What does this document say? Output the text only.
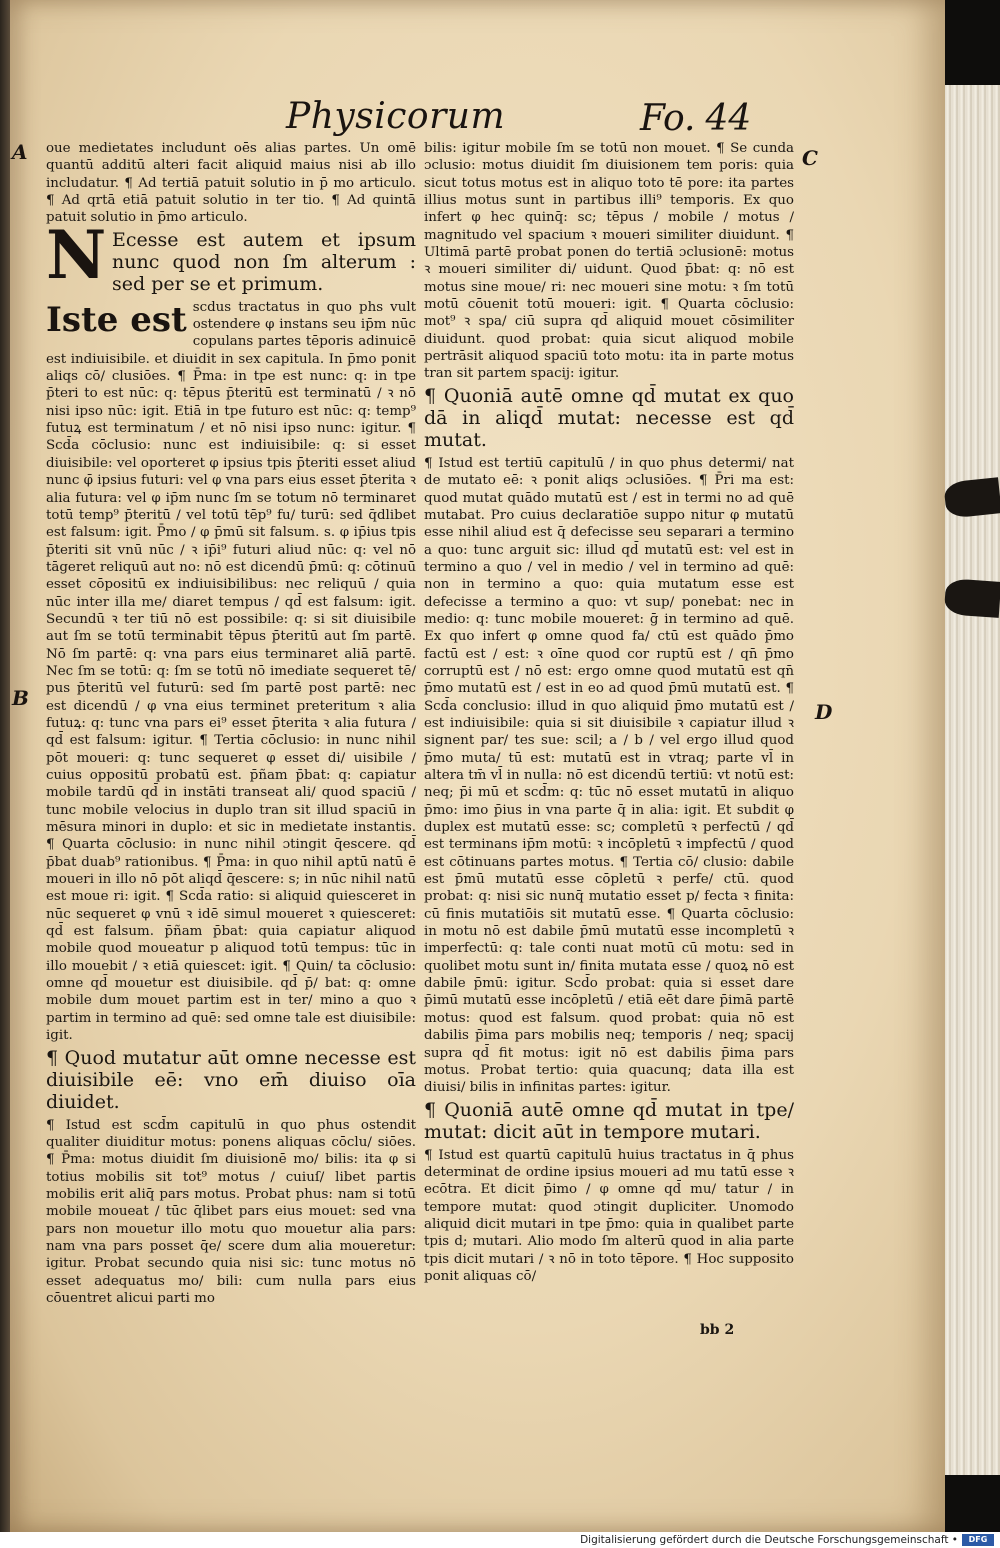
Physicorum	Fo. 44
A
B
C
D

oue medietates includunt oēs alias partes. Un omē quantū additū alteri facit aliquid maius nisi ab illo includatur. ¶ Ad tertiā patuit solutio in p̄ mo articulo. ¶ Ad qrtā etiā patuit solutio in ter tio. ¶ Ad quintā patuit solutio in p̄mo articulo.

N Ecesse est autem et ipsum nunc quod non ſm alterum : sed per se et primum.

Iste est scd̄us tractatus in quo phs vult ostendere φ instans seu ip̄m nūc copulans partes tēporis adinuicē est indiuisibile. et diuidit in sex capitula. In p̄mo ponit aliqs cō/ clusiōes. ¶ P̄ma: in tpe est nunc: q: in tpe p̄teri to est nūc: q: tēpus p̄teritū est terminatū / ꝛ nō nisi ipso nūc: igit. Etiā in tpe futuro est nūc: q: temp⁹ futuꝝ est terminatum / et nō nisi ipso nunc: igitur. ¶ Scd̄a cōclusio: nunc est indiuisibile: q: si esset diuisibile: vel oporteret φ ipsius tpis p̄teriti esset aliud nunc φ̄ ipsius futuri: vel φ vna pars eius esset p̄terita ꝛ alia futura: vel φ ip̄m nunc ſm se totum nō terminaret totū temp⁹ p̄teritū / vel totū tēp⁹ fu/ turū: sed q̄dlibet est falsum: igit. P̄mo / φ p̄mū sit falsum. s. φ ip̄ius tpis p̄teriti sit vnū nūc / ꝛ ip̄i⁹ futuri aliud nūc: q: vel nō tāgeret reliquū aut no: nō est dicendū p̄mū: q: cōtinuū esset cōpositū ex indiuisibilibus: nec reliquū / quia nūc inter illa me/ diaret tempus / qd̄ est falsum: igit. Secundū ꝛ ter tiū nō est possibile: q: si sit diuisibile aut ſm se totū terminabit tēpus p̄teritū aut ſm partē. Nō ſm partē: q: vna pars eius terminaret aliā partē. Nec ſm se totū: q: ſm se totū nō imediate sequeret tē/ pus p̄teritū vel futurū: sed ſm partē post partē: nec est dicendū / φ vna eius terminet preteritum ꝛ alia futuꝝ: q: tunc vna pars ei⁹ esset p̄terita ꝛ alia futura / qd̄ est falsum: igitur. ¶ Tertia cōclusio: in nunc nihil pōt moueri: q: tunc sequeret φ esset di/ uisibile / cuius oppositū probatū est. p̄ñam p̄bat: q: capiatur mobile tardū qd̄ in instāti transeat ali/ quod spaciū / tunc mobile velocius in duplo tran sit illud spaciū in mēsura minori in duplo: et sic in medietate instantis. ¶ Quarta cōclusio: in nunc nihil ɔtingit q̄escere. qd̄ p̄bat duab⁹ rationibus. ¶ P̄ma: in quo nihil aptū natū ē moueri in illo nō pōt aliqd̄ q̄escere: s; in nūc nihil natū est moue ri: igit. ¶ Scd̄a ratio: si aliquid quiesceret in nūc sequeret φ vnū ꝛ idē simul moueret ꝛ quiesceret: qd̄ est falsum. p̄ñam p̄bat: quia capiatur aliquod mobile quod moueatur p aliquod totū tempus: tūc in illo mouebit / ꝛ etiā quiescet: igit. ¶ Quin/ ta cōclusio: omne qd̄ mouetur est diuisibile. qd̄ p̄/ bat: q: omne mobile dum mouet partim est in ter/ mino a quo ꝛ partim in termino ad quē: sed omne tale est diuisibile: igit.

¶ Quod mutatur aūt omne necesse est diuisibile eē: vno em̄ diuiso oīa diuidet.

¶ Istud est scd̄m capitulū in quo phus ostendit qualiter diuiditur motus: ponens aliquas cōclu/ siōes. ¶ P̄ma: motus diuidit ſm diuisionē mo/ bilis: ita φ si totius mobilis sit tot⁹ motus / cuiuſ/ libet partis mobilis erit aliq̄ pars motus. Probat phus: nam si totū mobile moueat / tūc q̄libet pars eius mouet: sed vna pars non mouetur illo motu quo mouetur alia pars: nam vna pars posset q̄e/ scere dum alia moueretur: igitur. Probat secundo quia nisi sic: tunc motus nō esset adequatus mo/ bili: cum nulla pars eius cōuentret alicui parti mo

bilis: igitur mobile ſm se totū non mouet. ¶ Se cunda ɔclusio: motus diuidit ſm diuisionem tem poris: quia sicut totus motus est in aliquo toto tē pore: ita partes illius motus sunt in partibus illi⁹ temporis. Ex quo infert φ hec quinq̄: sc; tēpus / mobile / motus / magnitudo vel spacium ꝛ moueri similiter diuidunt. ¶ Ultimā partē probat ponen do tertiā ɔclusionē: motus ꝛ moueri similiter di/ uidunt. Quod p̄bat: q: nō est motus sine moue/ ri: nec moueri sine motu: ꝛ ſm totū motū cōuenit totū moueri: igit. ¶ Quarta cōclusio: mot⁹ ꝛ spa/ ciū supra qd̄ aliquid mouet cōsimiliter diuidunt. quod probat: quia sicut aliquod mobile pertrāsit aliquod spaciū toto motu: ita in parte motus tran sit partem spacij: igitur.

¶ Quoniā autē omne qd̄ mutat ex quo dā in aliqd̄ mutat: necesse est qd̄ mutat.

¶ Istud est tertiū capitulū / in quo phus determi/ nat de mutato eē: ꝛ ponit aliqs ɔclusiōes. ¶ P̄ri ma est: quod mutat quādo mutatū est / est in termi no ad quē mutabat. Pro cuius declaratiōe suppo nitur φ mutatū esse nihil aliud est q̄ defecisse seu separari a termino a quo: tunc arguit sic: illud qd̄ mutatū est: vel est in termino a quo / vel in medio / vel in termino ad quē: non in termino a quo: quia mutatum esse est defecisse a termino a quo: vt sup/ ponebat: nec in medio: q: tunc mobile moueret: ḡ in termino ad quē. Ex quo infert φ omne quod fa/ ctū est quādo p̄mo factū est / est: ꝛ oīne quod cor ruptū est / qn̄ p̄mo corruptū est / nō est: ergo omne quod mutatū est qn̄ p̄mo mutatū est / est in eo ad quod p̄mū mutatū est. ¶ Scd̄a conclusio: illud in quo aliquid p̄mo mutatū est / est indiuisibile: quia si sit diuisibile ꝛ capiatur illud ꝛ signent par/ tes sue: scil; a / b / vel ergo illud quod p̄mo muta/ tū est: mutatū est in vtraq; parte vl̄ in altera tm̄ vl̄ in nulla: nō est dicendū tertiū: vt notū est: neq; p̄i mū et scd̄m: q: tūc nō esset mutatū in aliquo p̄mo: imo p̄ius in vna parte q̄ in alia: igit. Et subdit φ duplex est mutatū esse: sc; completū ꝛ perfectū / qd̄ est terminans ip̄m motū: ꝛ incōpletū ꝛ impfectū / quod est cōtinuans partes motus. ¶ Tertia cō/ clusio: dabile est p̄mū mutatū esse cōpletū ꝛ perfe/ ctū. quod probat: q: nisi sic nunq̄ mutatio esset p/ fecta ꝛ finita: cū finis mutatiōis sit mutatū esse. ¶ Quarta cōclusio: in motu nō est dabile p̄mū mutatū esse incompletū ꝛ imperfectū: q: tale conti nuat motū cū motu: sed in quolibet motu sunt in/ finita mutata esse / quoꝝ nō est dabile p̄mū: igitur. Scd̄o probat: quia si esset dare p̄imū mutatū esse incōpletū / etiā eēt dare p̄imā partē motus: quod est falsum. quod probat: quia nō est dabilis p̄ima pars mobilis neq; temporis / neq; spacij supra qd̄ fit motus: igit nō est dabilis p̄ima pars motus. Probat tertio: quia quacunq; data illa est diuisi/ bilis in infinitas partes: igitur.

¶ Quoniā autē omne qd̄ mutat in tpe/ mutat: dicit aūt in tempore mutari.

¶ Istud est quartū capitulū huius tractatus in q̄ phus determinat de ordine ipsius moueri ad mu tatū esse ꝛ ecōtra. Et dicit p̄imo / φ omne qd̄ mu/ tatur / in tempore mutat: quod ɔtingit dupliciter. Unomodo aliquid dicit mutari in tpe p̄mo: quia in qualibet parte tpis d; mutari. Alio modo ſm alterū quod in alia parte tpis dicit mutari / ꝛ nō in toto tēpore. ¶ Hoc supposito ponit aliquas cō/

bb 2
Digitalisierung gefördert durch die Deutsche Forschungsgemeinschaft •	DFG
